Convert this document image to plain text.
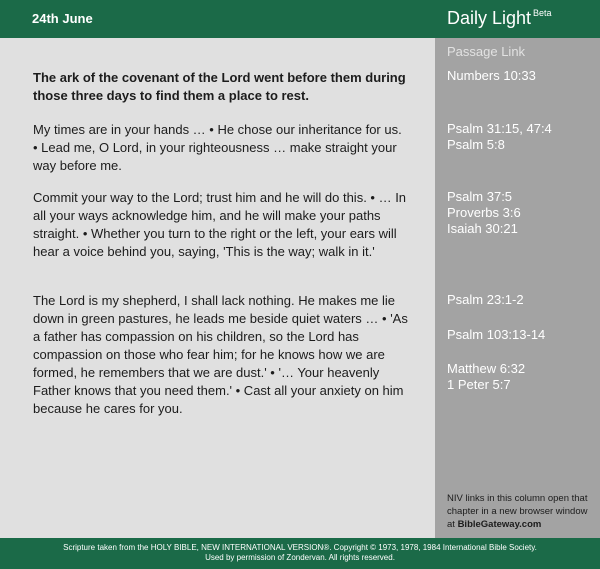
24th June	Daily Light $^{Beta}$
Passage Link
The ark of the covenant of the Lord went before them during those three days to find them a place to rest.
My times are in your hands … • He chose our inheritance for us. • Lead me, O Lord, in your righteousness … make straight your way before me.
Commit your way to the Lord; trust him and he will do this. • … In all your ways acknowledge him, and he will make your paths straight. • Whether you turn to the right or the left, your ears will hear a voice behind you, saying, 'This is the way; walk in it.'
The Lord is my shepherd, I shall lack nothing. He makes me lie down in green pastures, he leads me beside quiet waters … • 'As a father has compassion on his children, so the Lord has compassion on those who fear him; for he knows how we are formed, he remembers that we are dust.' • '… Your heavenly Father knows that you need them.' • Cast all your anxiety on him because he cares for you.
Numbers 10:33
Psalm 31:15, 47:4
Psalm 5:8
Psalm 37:5
Proverbs 3:6
Isaiah 30:21
Psalm 23:1-2
Psalm 103:13-14
Matthew 6:32
1 Peter 5:7
NIV links in this column open that chapter in a new browser window at BibleGateway.com
Scripture taken from the HOLY BIBLE, NEW INTERNATIONAL VERSION®. Copyright © 1973, 1978, 1984 International Bible Society.
Used by permission of Zondervan. All rights reserved.
